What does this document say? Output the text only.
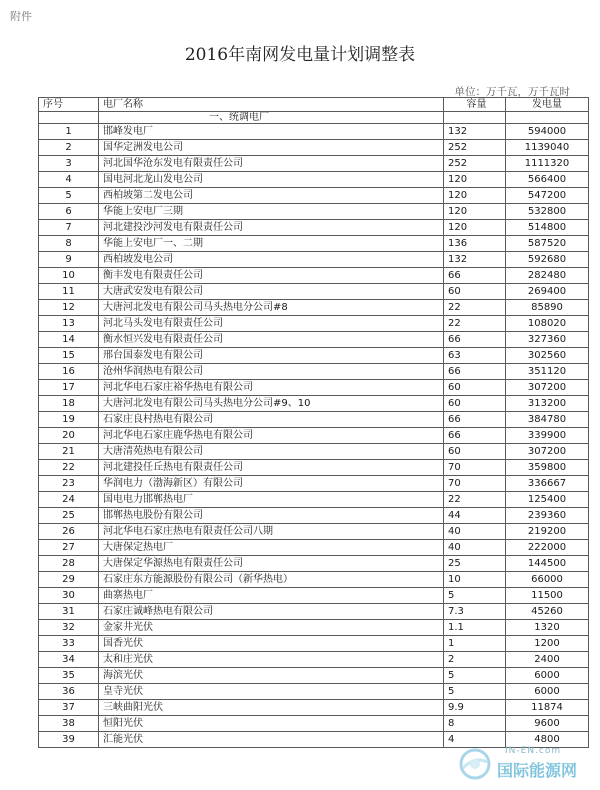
附件
2016年南网发电量计划调整表
单位：万千瓦，万千瓦时
序号	电厂名称	容量	发电量
	一、统调电厂		
1	邯峰发电厂	132	594000
2	国华定洲发电公司	252	1139040
3	河北国华沧东发电有限责任公司	252	1111320
4	国电河北龙山发电公司	120	566400
5	西柏坡第二发电公司	120	547200
6	华能上安电厂三期	120	532800
7	河北建投沙河发电有限责任公司	120	514800
8	华能上安电厂一、二期	136	587520
9	西柏坡发电公司	132	592680
10	衡丰发电有限责任公司	66	282480
11	大唐武安发电有限公司	60	269400
12	大唐河北发电有限公司马头热电分公司#8	22	85890
13	河北马头发电有限责任公司	22	108020
14	衡水恒兴发电有限责任公司	66	327360
15	邢台国泰发电有限公司	63	302560
16	沧州华润热电有限公司	66	351120
17	河北华电石家庄裕华热电有限公司	60	307200
18	大唐河北发电有限公司马头热电分公司#9、10	60	313200
19	石家庄良村热电有限公司	66	384780
20	河北华电石家庄鹿华热电有限公司	66	339900
21	大唐清苑热电有限公司	60	307200
22	河北建投任丘热电有限责任公司	70	359800
23	华润电力（渤海新区）有限公司	70	336667
24	国电电力邯郸热电厂	22	125400
25	邯郸热电股份有限公司	44	239360
26	河北华电石家庄热电有限责任公司八期	40	219200
27	大唐保定热电厂	40	222000
28	大唐保定华源热电有限责任公司	25	144500
29	石家庄东方能源股份有限公司（新华热电）	10	66000
30	曲寨热电厂	5	11500
31	石家庄诚峰热电有限公司	7.3	45260
32	金家井光伏	1.1	1320
33	国香光伏	1	1200
34	太和庄光伏	2	2400
35	海滨光伏	5	6000
36	皇寺光伏	5	6000
37	三峡曲阳光伏	9.9	11874
38	恒阳光伏	8	9600
39	汇能光伏	4	4800
IN-EN.com
国际能源网
